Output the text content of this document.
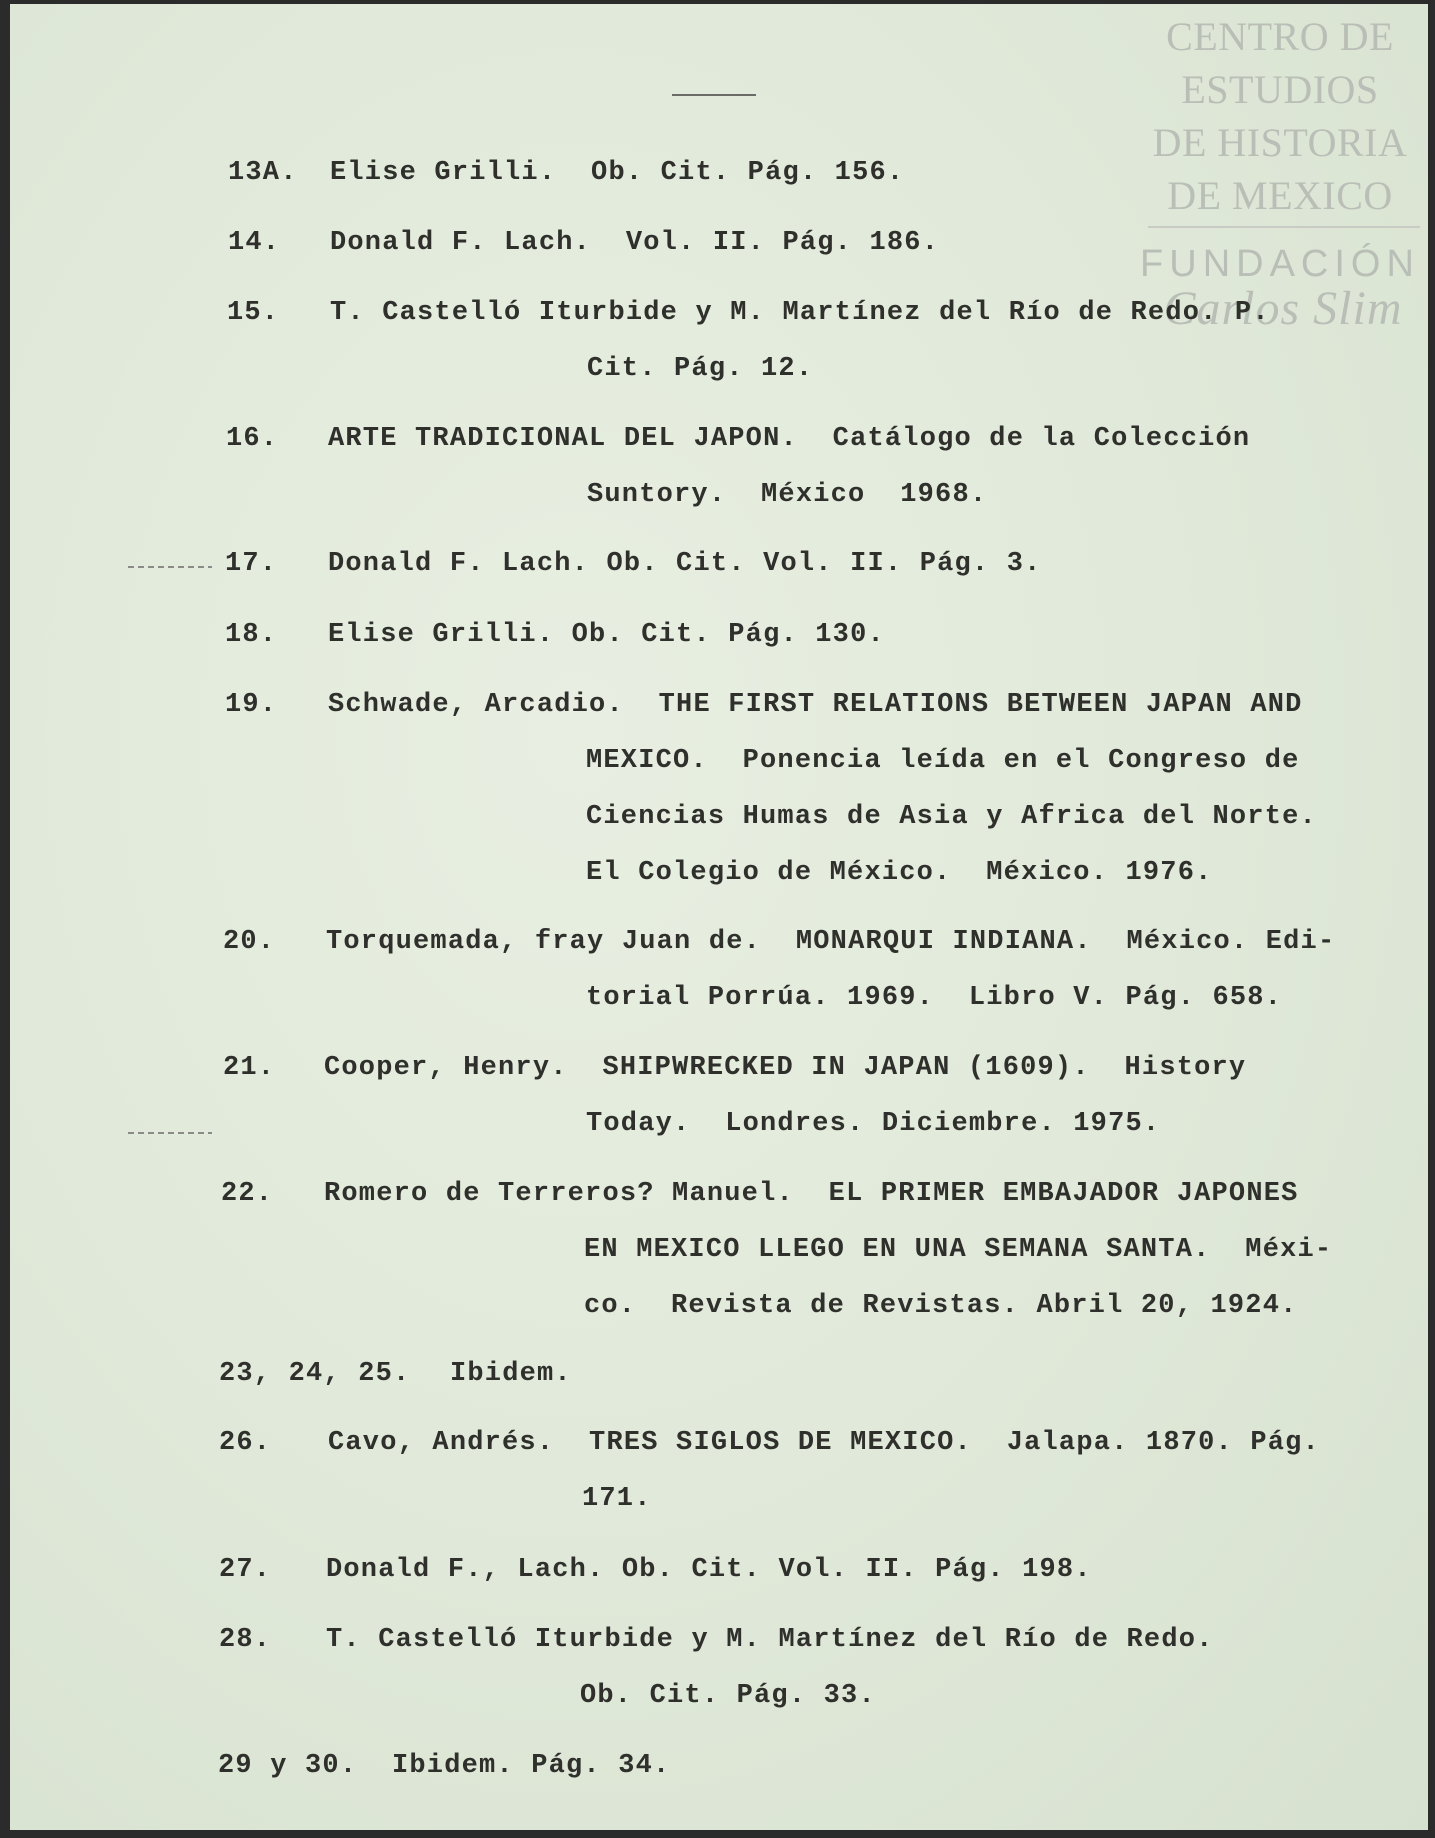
CENTRO DE
ESTUDIOS
DE HISTORIA
DE MEXICO
FUNDACIÓN
Carlos Slim
13A. Elise Grilli.  Ob. Cit. Pág. 156.
14. Donald F. Lach.  Vol. II. Pág. 186.
15. T. Castelló Iturbide y M. Martínez del Río de Redo. P.
Cit. Pág. 12.
16. ARTE TRADICIONAL DEL JAPON.  Catálogo de la Colección
Suntory.  México  1968.
17. Donald F. Lach. Ob. Cit. Vol. II. Pág. 3.
18. Elise Grilli. Ob. Cit. Pág. 130.
19. Schwade, Arcadio.  THE FIRST RELATIONS BETWEEN JAPAN AND
MEXICO.  Ponencia leída en el Congreso de
Ciencias Humas de Asia y Africa del Norte.
El Colegio de México.  México. 1976.
20. Torquemada, fray Juan de.  MONARQUI INDIANA.  México. Edi-
torial Porrúa. 1969.  Libro V. Pág. 658.
21. Cooper, Henry.  SHIPWRECKED IN JAPAN (1609).  History
Today.  Londres. Diciembre. 1975.
22. Romero de Terreros? Manuel.  EL PRIMER EMBAJADOR JAPONES
EN MEXICO LLEGO EN UNA SEMANA SANTA.  Méxi-
co.  Revista de Revistas. Abril 20, 1924.
23, 24, 25. Ibidem.
26. Cavo, Andrés.  TRES SIGLOS DE MEXICO.  Jalapa. 1870. Pág.
171.
27. Donald F., Lach. Ob. Cit. Vol. II. Pág. 198.
28. T. Castelló Iturbide y M. Martínez del Río de Redo.
Ob. Cit. Pág. 33.
29 y 30. Ibidem. Pág. 34.
